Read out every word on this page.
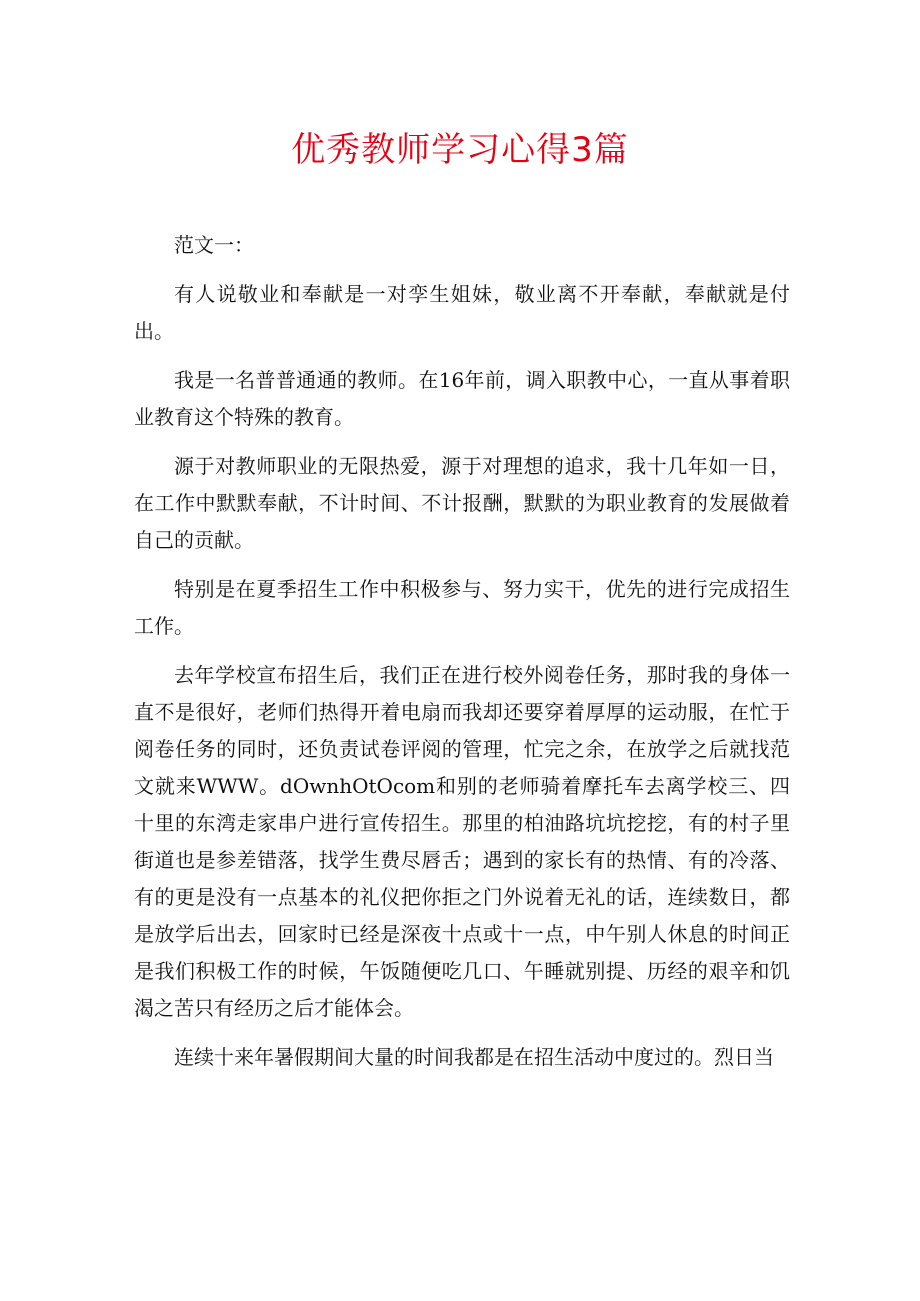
优秀教师学习心得3篇

范文一：

有人说敬业和奉献是一对孪生姐妹，敬业离不开奉献，奉献就是付出。

我是一名普普通通的教师。在16年前，调入职教中心，一直从事着职业教育这个特殊的教育。

源于对教师职业的无限热爱，源于对理想的追求，我十几年如一日，在工作中默默奉献，不计时间、不计报酬，默默的为职业教育的发展做着自己的贡献。

特别是在夏季招生工作中积极参与、努力实干，优先的进行完成招生工作。

去年学校宣布招生后，我们正在进行校外阅卷任务，那时我的身体一直不是很好，老师们热得开着电扇而我却还要穿着厚厚的运动服，在忙于阅卷任务的同时，还负责试卷评阅的管理，忙完之余，在放学之后就找范文就来WWW。dOwnhOtOcom和别的老师骑着摩托车去离学校三、四十里的东湾走家串户进行宣传招生。那里的柏油路坑坑挖挖，有的村子里街道也是参差错落，找学生费尽唇舌；遇到的家长有的热情、有的冷落、有的更是没有一点基本的礼仪把你拒之门外说着无礼的话，连续数日，都是放学后出去，回家时已经是深夜十点或十一点，中午别人休息的时间正是我们积极工作的时候，午饭随便吃几口、午睡就别提、历经的艰辛和饥渴之苦只有经历之后才能体会。

连续十来年暑假期间大量的时间我都是在招生活动中度过的。烈日当
